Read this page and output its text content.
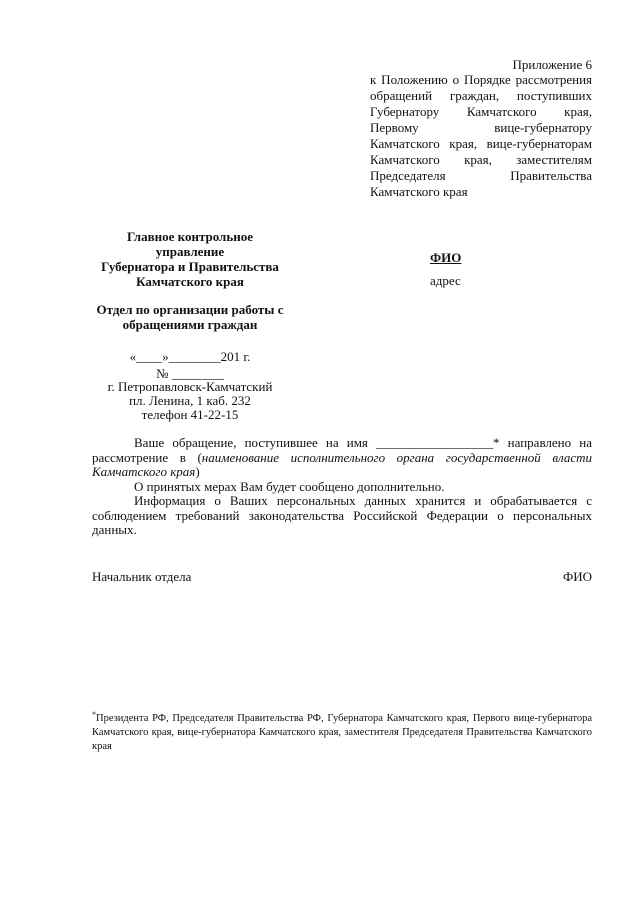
Приложение 6
к Положению о Порядке рассмотрения обращений граждан, поступивших Губернатору Камчатского края, Первому вице-губернатору Камчатского края, вице-губернаторам Камчатского края, заместителям Председателя Правительства Камчатского края
Главное контрольное
управление
Губернатора и Правительства
Камчатского края
Отдел по организации работы с
обращениями граждан
«____»________201 г.
№ ________
г. Петропавловск-Камчатский
пл. Ленина, 1 каб. 232
телефон 41-22-15
ФИО
адрес

Ваше обращение, поступившее на имя __________________* направлено на рассмотрение в (наименование исполнительного органа государственной власти Камчатского края)

О принятых мерах Вам будет сообщено дополнительно.

Информация о Ваших персональных данных хранится и обрабатывается с соблюдением требований законодательства Российской Федерации о персональных данных.

Начальник отдела	ФИО
*Президента РФ, Председателя Правительства РФ, Губернатора Камчатского края, Первого вице-губернатора Камчатского края, вице-губернатора Камчатского края, заместителя Председателя Правительства Камчатского края
